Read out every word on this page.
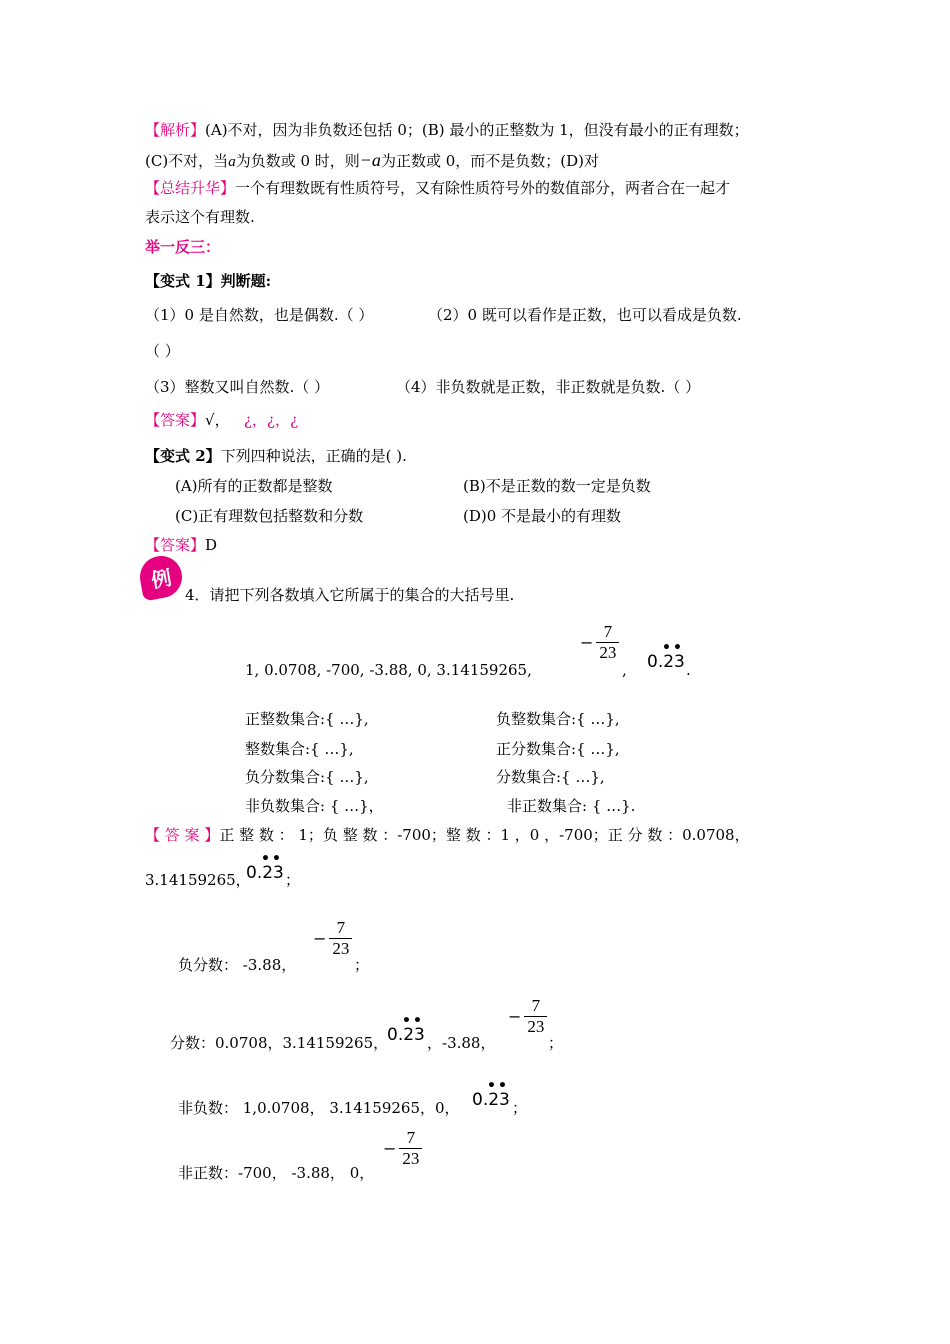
【解析】(A)不对，因为非负数还包括 0；(B) 最小的正整数为 1，但没有最小的正有理数；
(C)不对，当a为负数或 0 时，则−a为正数或 0，而不是负数；(D)对
【总结升华】一个有理数既有性质符号，又有除性质符号外的数值部分，两者合在一起才
表示这个有理数.
举一反三：
【变式 1】判断题:
（1）0 是自然数，也是偶数.（ ）	（2）0 既可以看作是正数，也可以看成是负数.
（ ）
（3）整数又叫自然数.（ ）	（4）非负数就是正数，非正数就是负数.（ ）
【答案】√， ¿，¿，¿
【变式 2】下列四种说法，正确的是( ).
(A)所有的正数都是整数	(B)不是正数的数一定是负数
(C)正有理数包括整数和分数	(D)0 不是最小的有理数
【答案】D
例
4．请把下列各数填入它所属于的集合的大括号里.
1, 0.0708, -700, -3.88, 0, 3.14159265,
− $\frac{7}{23}$
, 0.23
• •
.
正整数集合:{ …},	负整数集合:{ …},
整数集合:{ …},	正分数集合:{ …},
负分数集合:{ …},	分数集合:{ …},
非负数集合: { …}，	非正数集合: { …}.
【 答 案 】正 整 数 ： 1；负 整 数 ：-700；整 数 ：1 ，0 ，-700；正 分 数 ：0.0708，
3.14159265，
0.23
• •
；
负分数： -3.88，
− $\frac{7}{23}$
；
分数：0.0708，3.14159265，
0.23
• •
，-3.88，
− $\frac{7}{23}$
；
非负数： 1,0.0708， 3.14159265，0， 0.23
• •
；
非正数：-700， -3.88， 0，
− $\frac{7}{23}$
